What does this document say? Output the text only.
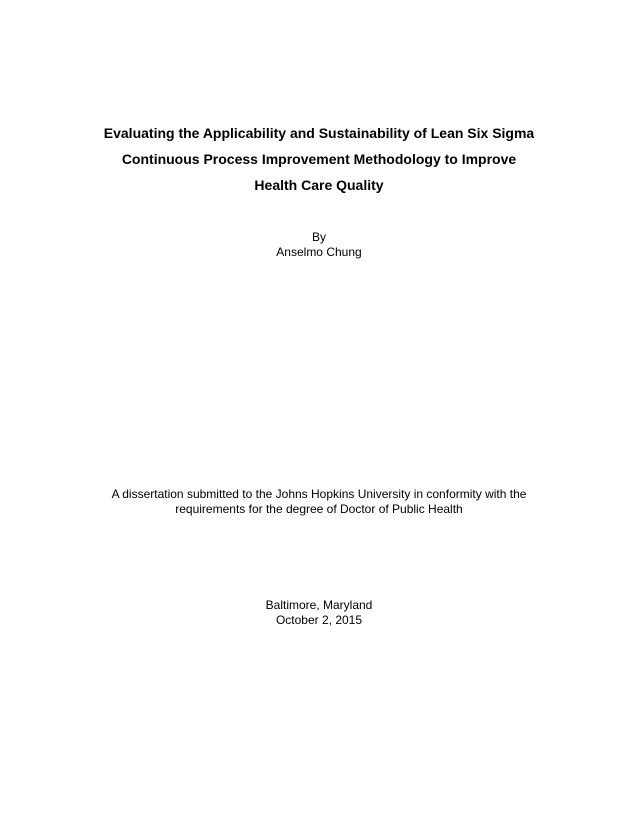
Evaluating the Applicability and Sustainability of Lean Six Sigma
Continuous Process Improvement Methodology to Improve
Health Care Quality
By
Anselmo Chung
A dissertation submitted to the Johns Hopkins University in conformity with the
requirements for the degree of Doctor of Public Health
Baltimore, Maryland
October 2, 2015
